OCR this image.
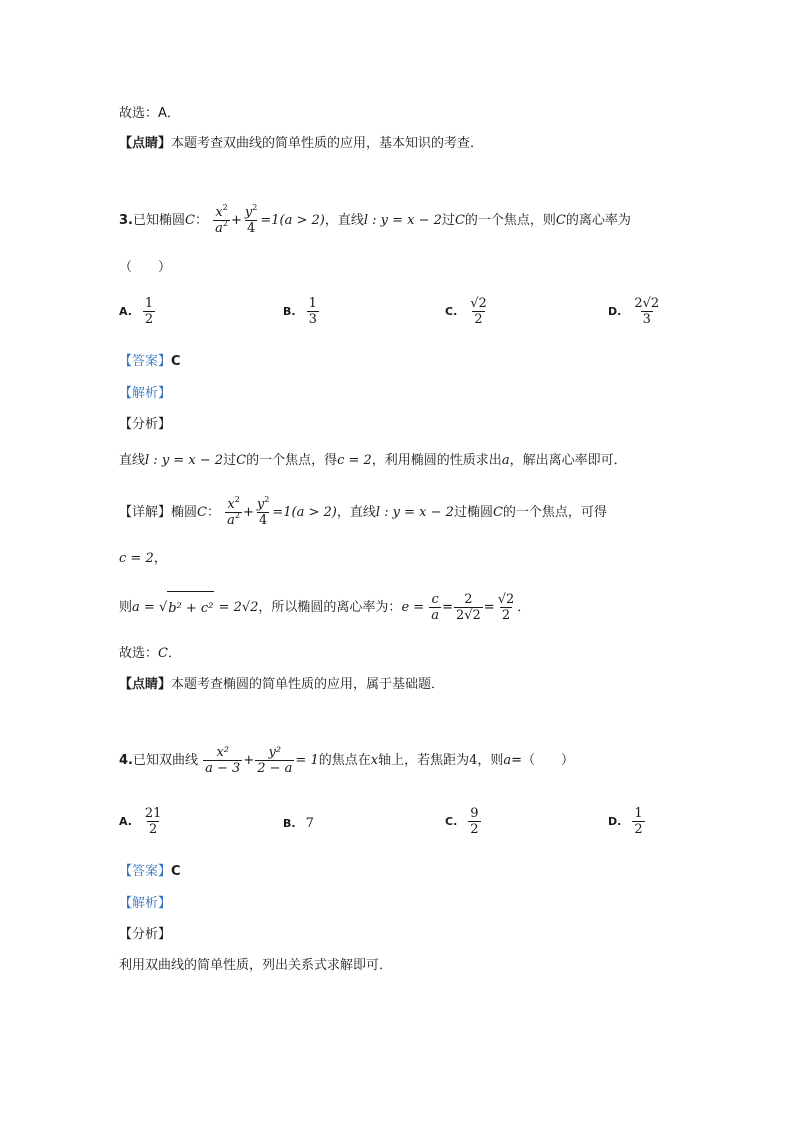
故选：A．
【点睛】本题考查双曲线的简单性质的应用，基本知识的考查．
3.已知椭圆C： $\frac{x^2}{a^2} + \frac{y^2}{4} =1(a > 2)$，直线l : y = x − 2过C的一个焦点，则C的离心率为
（　　）
A. $\frac{1}{2}$	B. $\frac{1}{3}$	C. $\frac{√2}{2}$	D. $\frac{2√2}{3}$
【答案】C
【解析】
【分析】
直线l : y = x − 2过C的一个焦点，得c = 2，利用椭圆的性质求出a，解出离心率即可．
【详解】椭圆C： $\frac{x^2}{a^2} + \frac{y^2}{4} =1(a > 2)$，直线l : y = x − 2过椭圆C的一个焦点，可得
c = 2，
则a = √ b² + c² = 2√2，所以椭圆的离心率为：$e = \frac{c}{a} = \frac{2}{2√2} = \frac{√2}{2}$ ．
故选：C．
【点睛】本题考查椭圆的简单性质的应用，属于基础题．
4.已知双曲线 $\frac{\text{x²}}{a - 3} + \frac{\text{y²}}{2 - a} = 1$的焦点在x轴上，若焦距为4，则a=（　　）
A. $\frac{21}{2}$	B. 7	C. $\frac{9}{2}$	D. $\frac{1}{2}$
【答案】C
【解析】
【分析】
利用双曲线的简单性质，列出关系式求解即可．
